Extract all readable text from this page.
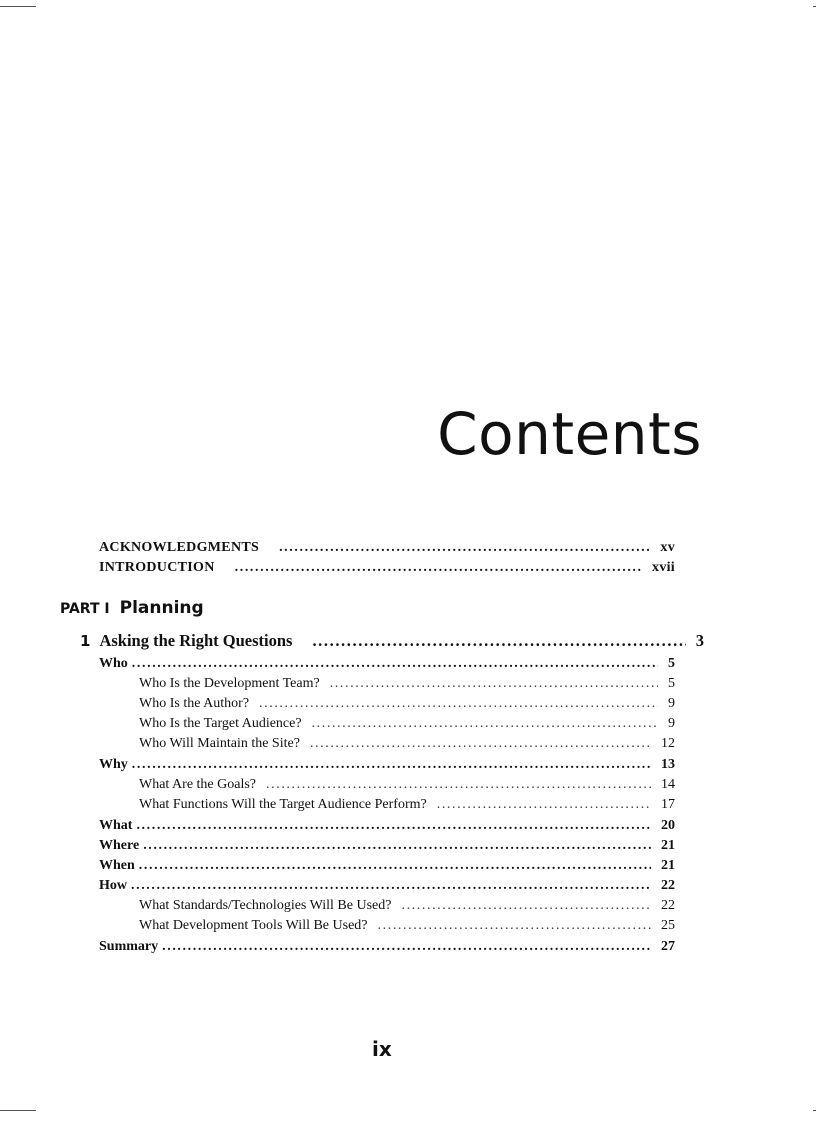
Contents
ACKNOWLEDGMENTS .....	xv
INTRODUCTION .....	xvii
PART I Planning
1 Asking the Right Questions .....	3
Who .....	5
Who Is the Development Team? .....	5
Who Is the Author? .....	9
Who Is the Target Audience? .....	9
Who Will Maintain the Site? .....	12
Why .....	13
What Are the Goals? .....	14
What Functions Will the Target Audience Perform? .....	17
What .....	20
Where .....	21
When .....	21
How .....	22
What Standards/Technologies Will Be Used? .....	22
What Development Tools Will Be Used? .....	25
Summary .....	27
ix
